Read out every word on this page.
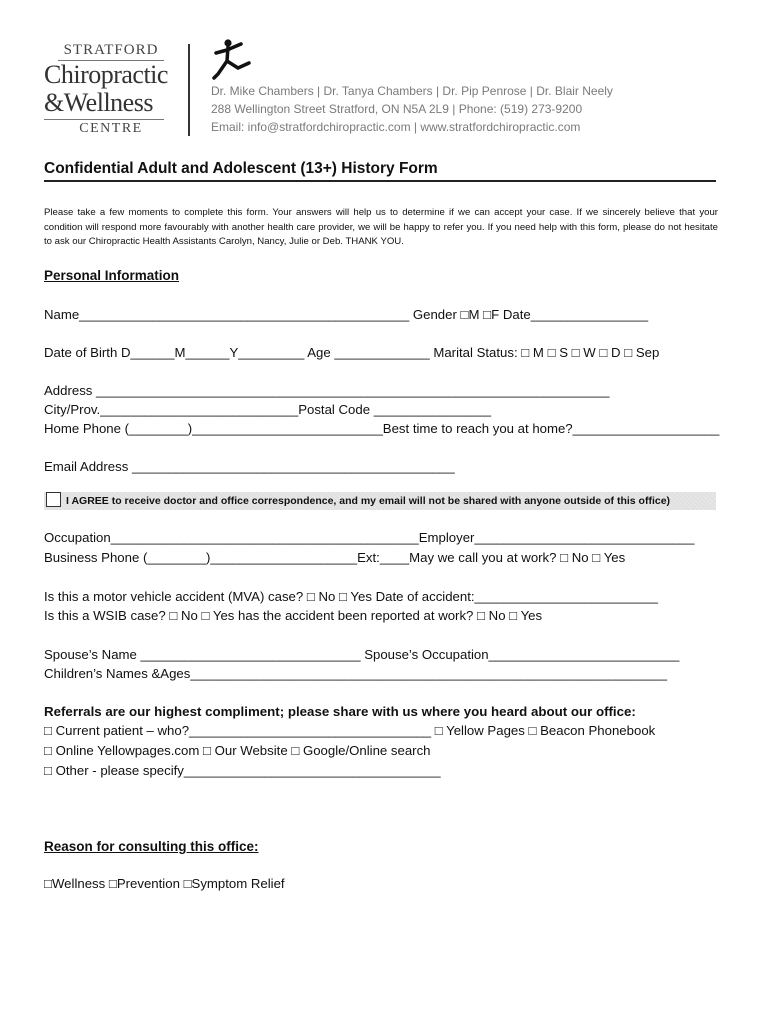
STRATFORD
Chiropractic
&Wellness
CENTRE
Dr. Mike Chambers | Dr. Tanya Chambers | Dr. Pip Penrose | Dr. Blair Neely
288 Wellington Street Stratford, ON N5A 2L9 | Phone: (519) 273-9200
Email: info@stratfordchiropractic.com | www.stratfordchiropractic.com
Confidential Adult and Adolescent (13+) History Form
Please take a few moments to complete this form. Your answers will help us to determine if we can accept your case. If we sincerely believe that your condition will respond more favourably with another health care provider, we will be happy to refer you. If you need help with this form, please do not hesitate to ask our Chiropractic Health Assistants Carolyn, Nancy, Julie or Deb. THANK YOU.
Personal Information
Name_____________________________________________ Gender □M □F Date________________
Date of Birth D______M______Y_________ Age _____________ Marital Status: □ M □ S □ W □ D □ Sep
Address ______________________________________________________________________
City/Prov.___________________________Postal Code ________________
Home Phone (________)__________________________Best time to reach you at home?____________________
Email Address ____________________________________________
I AGREE to receive doctor and office correspondence, and my email will not be shared with anyone outside of this office)
Occupation__________________________________________Employer______________________________
Business Phone (________)____________________Ext:____May we call you at work? □ No □ Yes
Is this a motor vehicle accident (MVA) case? □ No □ Yes Date of accident:_________________________
Is this a WSIB case? □ No □ Yes has the accident been reported at work? □ No □ Yes
Spouse’s Name ______________________________ Spouse’s Occupation__________________________
Children’s Names &Ages_________________________________________________________________
Referrals are our highest compliment; please share with us where you heard about our office:
□ Current patient – who?_________________________________ □ Yellow Pages □ Beacon Phonebook
□ Online Yellowpages.com □ Our Website □ Google/Online search
□ Other - please specify___________________________________
Reason for consulting this office:
□Wellness □Prevention □Symptom Relief
